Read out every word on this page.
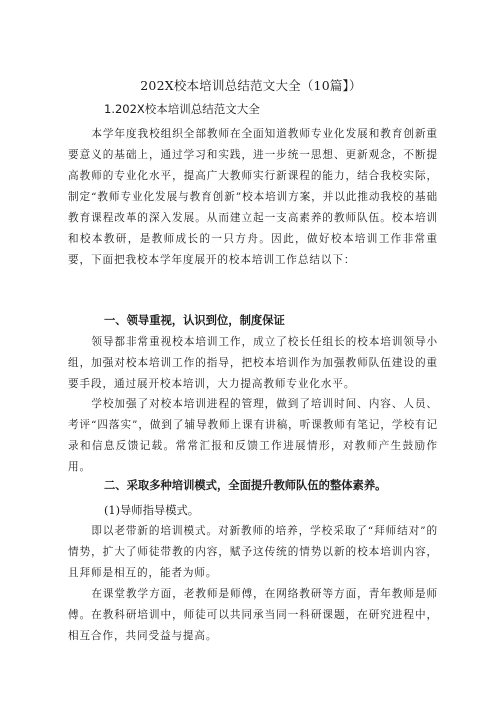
202X校本培训总结范文大全（10篇】）
1.202X校本培训总结范文大全

本学年度我校组织全部教师在全面知道教师专业化发展和教育创新重要意义的基础上，通过学习和实践，进一步统一思想、更新观念，不断提高教师的专业化水平，提高广大教师实行新课程的能力，结合我校实际，制定“教师专业化发展与教育创新”校本培训方案，并以此推动我校的基础教育课程改革的深入发展。从而建立起一支高素养的教师队伍。校本培训和校本教研，是教师成长的一只方舟。因此，做好校本培训工作非常重要，下面把我校本学年度展开的校本培训工作总结以下：

一、领导重视，认识到位，制度保证

领导都非常重视校本培训工作，成立了校长任组长的校本培训领导小组，加强对校本培训工作的指导，把校本培训作为加强教师队伍建设的重要手段，通过展开校本培训，大力提高教师专业化水平。

学校加强了对校本培训进程的管理，做到了培训时间、内容、人员、考评“四落实”，做到了辅导教师上课有讲稿，听课教师有笔记，学校有记录和信息反馈记载。常常汇报和反馈工作进展情形，对教师产生鼓励作用。

二、采取多种培训模式，全面提升教师队伍的整体素养。
(1)导师指导模式。

即以老带新的培训模式。对新教师的培养，学校采取了“拜师结对”的情势，扩大了师徒带教的内容，赋予这传统的情势以新的校本培训内容，且拜师是相互的，能者为师。

在课堂教学方面，老教师是师傅，在网络教研等方面，青年教师是师傅。在教科研培训中，师徒可以共同承当同一科研课题，在研究进程中，相互合作，共同受益与提高。
